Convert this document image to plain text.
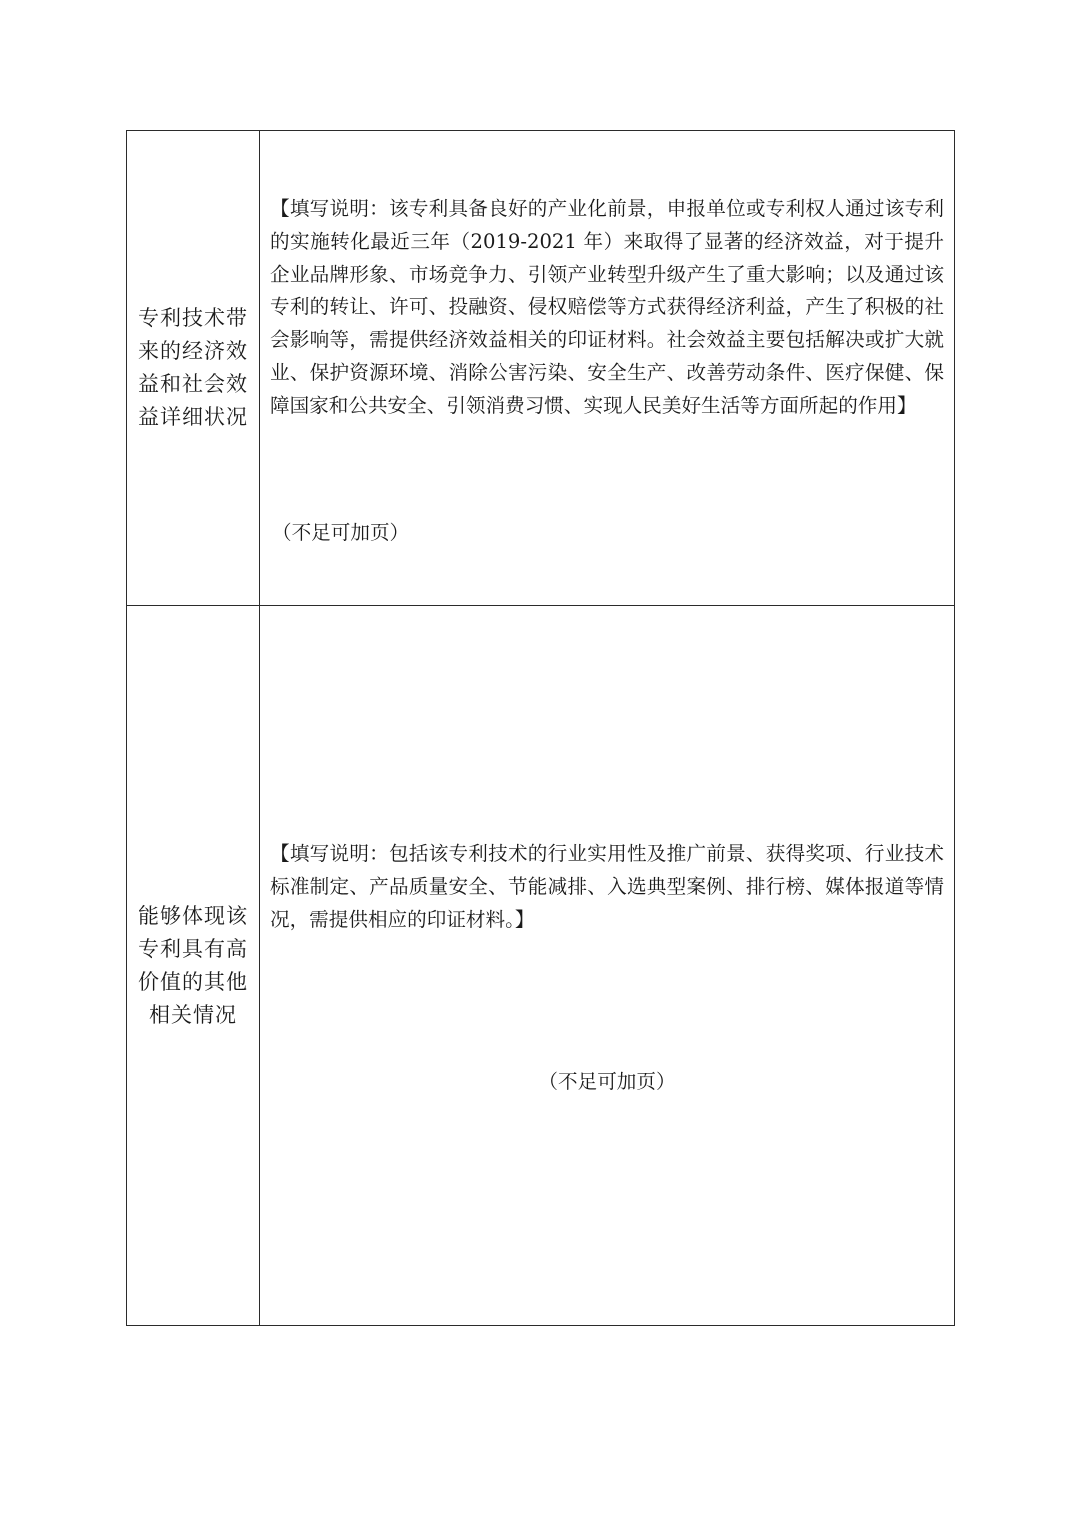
专利技术带来的经济效益和社会效益详细状况	【填写说明：该专利具备良好的产业化前景，申报单位或专利权人通过该专利的实施转化最近三年（2019-2021 年）来取得了显著的经济效益，对于提升企业品牌形象、市场竞争力、引领产业转型升级产生了重大影响；以及通过该专利的转让、许可、投融资、侵权赔偿等方式获得经济利益，产生了积极的社会影响等，需提供经济效益相关的印证材料。社会效益主要包括解决或扩大就业、保护资源环境、消除公害污染、安全生产、改善劳动条件、医疗保健、保障国家和公共安全、引领消费习惯、实现人民美好生活等方面所起的作用】
（不足可加页）

能够体现该专利具有高价值的其他相关情况	【填写说明：包括该专利技术的行业实用性及推广前景、获得奖项、行业技术标准制定、产品质量安全、节能减排、入选典型案例、排行榜、媒体报道等情况，需提供相应的印证材料。】
（不足可加页）
